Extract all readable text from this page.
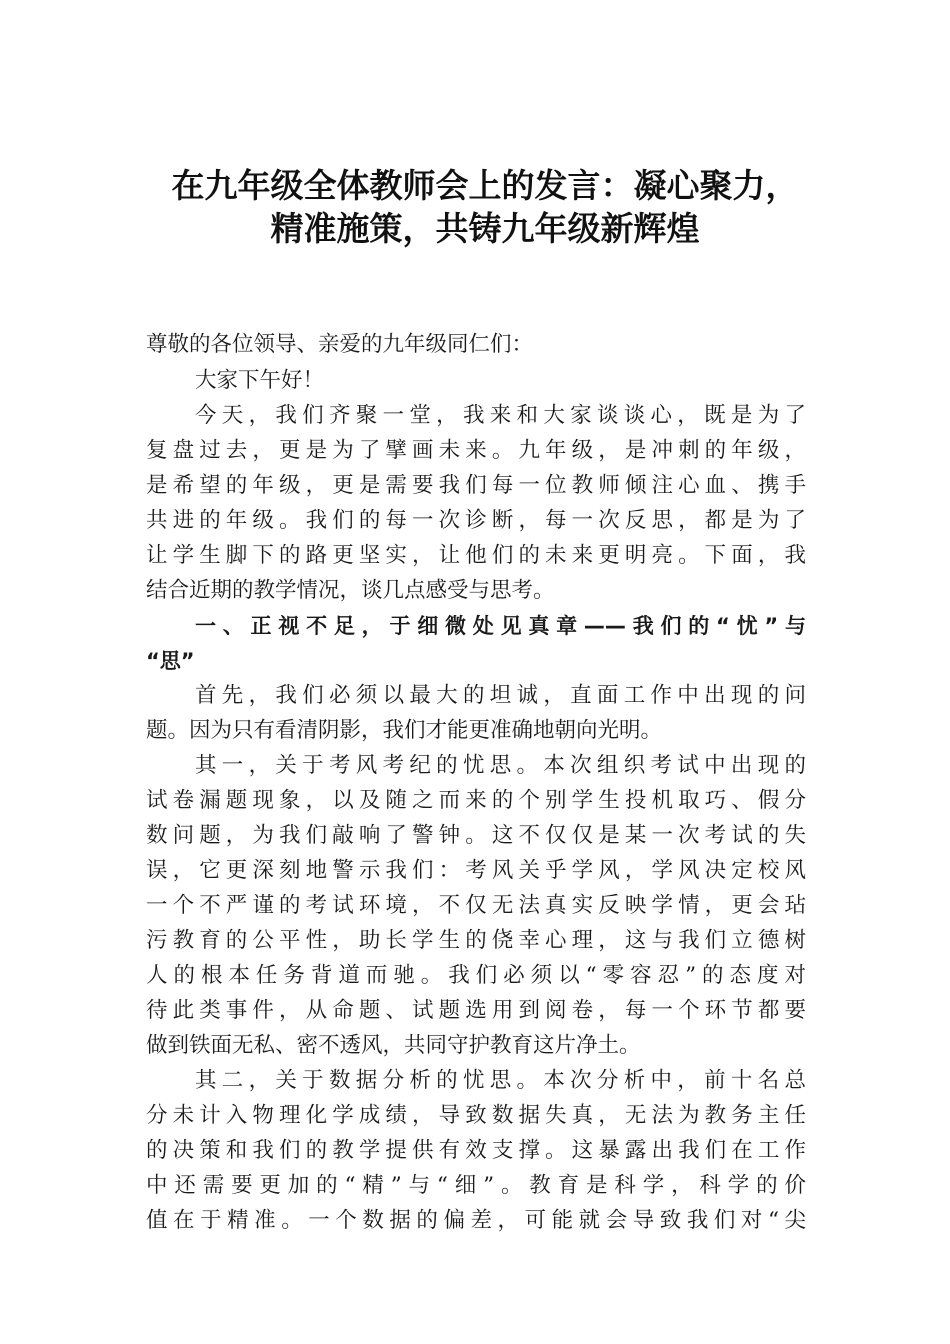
在九年级全体教师会上的发言：凝心聚力，
精准施策，共铸九年级新辉煌
尊敬的各位领导、亲爱的九年级同仁们：
大家下午好！
今天，我们齐聚一堂，我来和大家谈谈心，既是为了
复盘过去，更是为了擘画未来。九年级，是冲刺的年级，
是希望的年级，更是需要我们每一位教师倾注心血、携手
共进的年级。我们的每一次诊断，每一次反思，都是为了
让学生脚下的路更坚实，让他们的未来更明亮。下面，我
结合近期的教学情况，谈几点感受与思考。
一、正视不足，于细微处见真章——我们的“忧”与
“思”
首先，我们必须以最大的坦诚，直面工作中出现的问
题。因为只有看清阴影，我们才能更准确地朝向光明。
其一，关于考风考纪的忧思。本次组织考试中出现的
试卷漏题现象，以及随之而来的个别学生投机取巧、假分
数问题，为我们敲响了警钟。这不仅仅是某一次考试的失
误，它更深刻地警示我们：考风关乎学风，学风决定校风
一个不严谨的考试环境，不仅无法真实反映学情，更会玷
污教育的公平性，助长学生的侥幸心理，这与我们立德树
人的根本任务背道而驰。我们必须以“零容忍”的态度对
待此类事件，从命题、试题选用到阅卷，每一个环节都要
做到铁面无私、密不透风，共同守护教育这片净土。
其二，关于数据分析的忧思。本次分析中，前十名总
分未计入物理化学成绩，导致数据失真，无法为教务主任
的决策和我们的教学提供有效支撑。这暴露出我们在工作
中还需要更加的“精”与“细”。教育是科学，科学的价
值在于精准。一个数据的偏差，可能就会导致我们对“尖
